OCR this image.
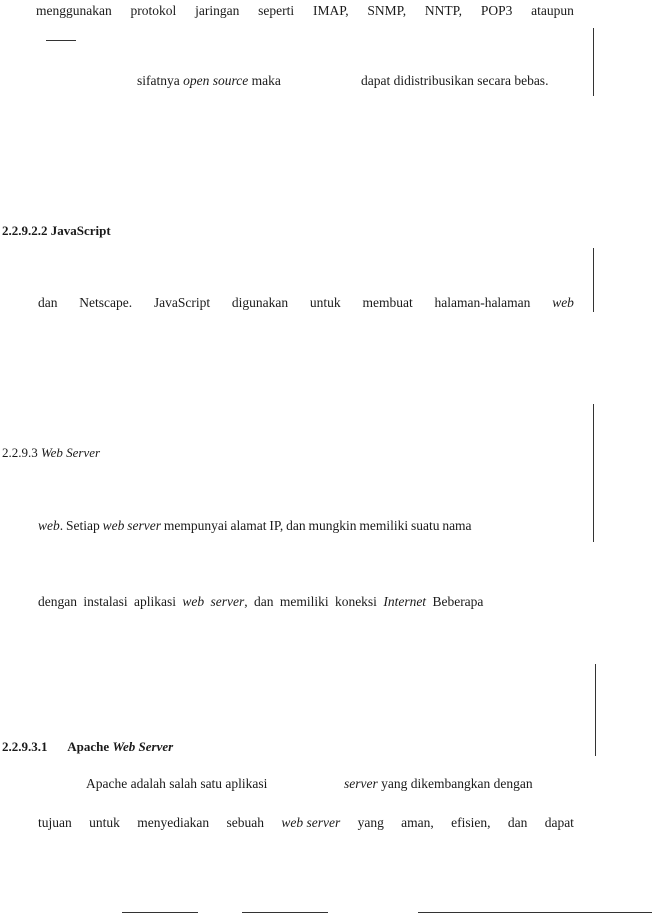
menggunakan protokol jaringan seperti IMAP, SNMP, NNTP, POP3 ataupun
sifatnya open source maka	dapat didistribusikan secara bebas.
2.2.9.2.2 JavaScript
dan Netscape. JavaScript digunakan untuk membuat halaman-halaman web
2.2.9.3 Web Server
web. Setiap web server mempunyai alamat IP, dan mungkin memiliki suatu nama
dengan instalasi aplikasi web server, dan memiliki koneksi Internet Beberapa
2.2.9.3.1 Apache Web Server
Apache adalah salah satu aplikasi	server yang dikembangkan dengan
tujuan untuk menyediakan sebuah web server yang aman, efisien, dan dapat
